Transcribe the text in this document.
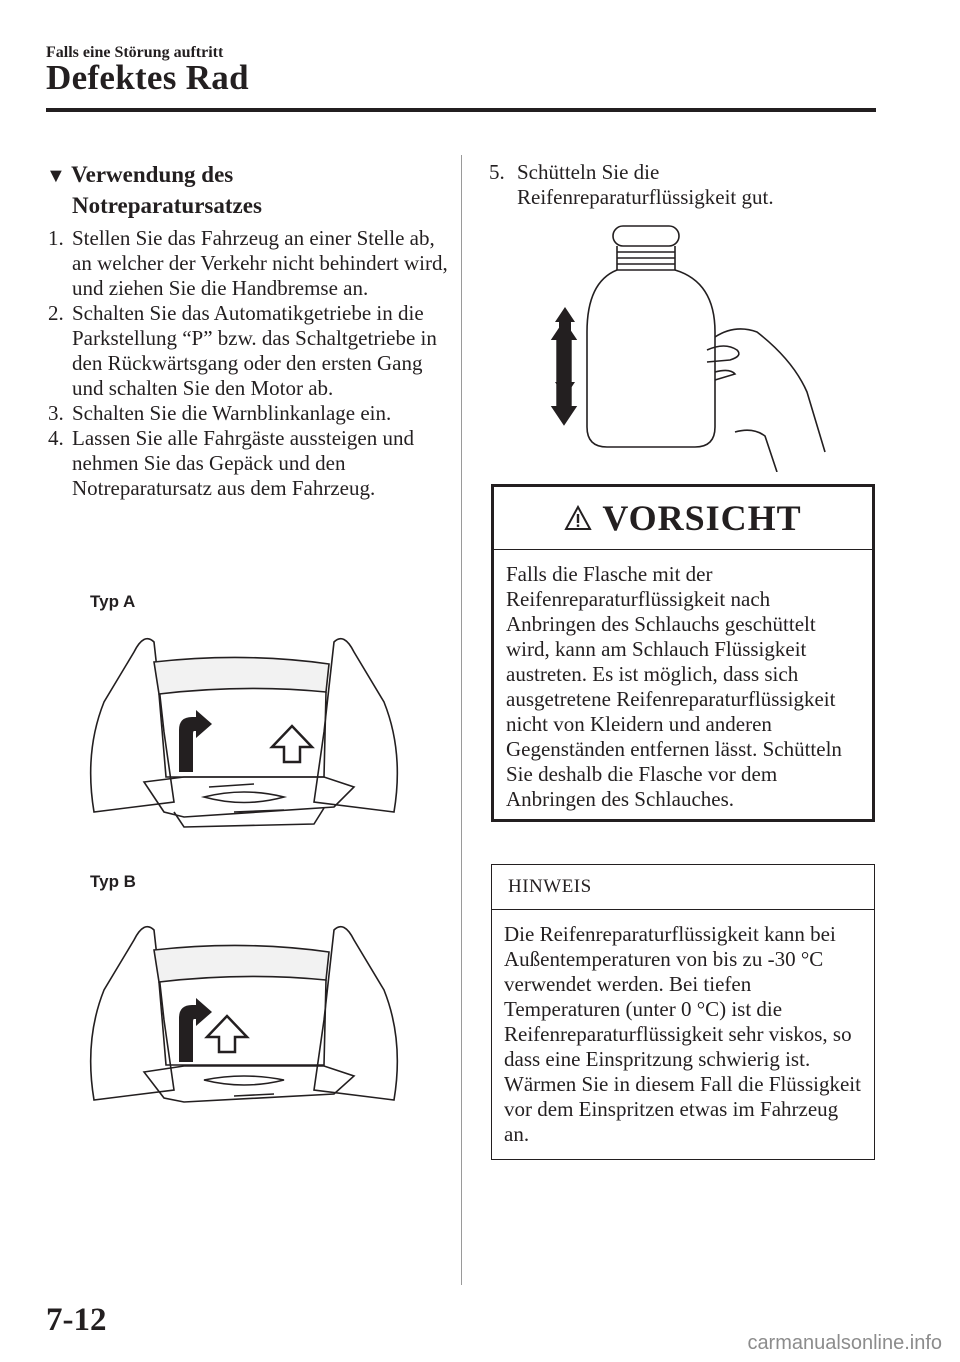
Falls eine Störung auftritt
Defektes Rad
▼ Verwendung des
Notreparatursatzes
1. Stellen Sie das Fahrzeug an einer Stelle ab, an welcher der Verkehr nicht behindert wird, und ziehen Sie die Handbremse an.
2. Schalten Sie das Automatikgetriebe in die Parkstellung “P” bzw. das Schaltgetriebe in den Rückwärtsgang oder den ersten Gang und schalten Sie den Motor ab.
3. Schalten Sie die Warnblinkanlage ein.
4. Lassen Sie alle Fahrgäste aussteigen und nehmen Sie das Gepäck und den Notreparatursatz aus dem Fahrzeug.
Typ A
Typ B
5. Schütteln Sie die Reifenreparaturflüssigkeit gut.
VORSICHT
Falls die Flasche mit der Reifenreparaturflüssigkeit nach Anbringen des Schlauchs geschüttelt wird, kann am Schlauch Flüssigkeit austreten. Es ist möglich, dass sich ausgetretene Reifenreparaturflüssigkeit nicht von Kleidern und anderen Gegenständen entfernen lässt. Schütteln Sie deshalb die Flasche vor dem Anbringen des Schlauches.
HINWEIS
Die Reifenreparaturflüssigkeit kann bei Außentemperaturen von bis zu -30 °C verwendet werden. Bei tiefen Temperaturen (unter 0 °C) ist die Reifenreparaturflüssigkeit sehr viskos, so dass eine Einspritzung schwierig ist. Wärmen Sie in diesem Fall die Flüssigkeit vor dem Einspritzen etwas im Fahrzeug an.
7-12
carmanualsonline.info
